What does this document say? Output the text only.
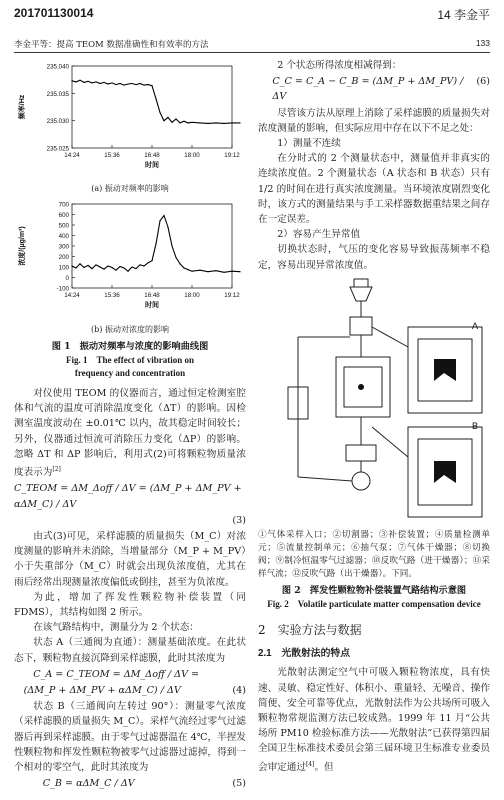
201701130014	14 李金平
李金平等：提高 TEOM 数据准确性和有效率的方法	133
235.040
235.035
235.030
235.025
14:24	15:36	16:48	18:00	19:12
时间
频率/Hz
(a) 振动对频率的影响
700
600
500
400
300
200
100
0
-100
14:24	15:36	16:48	18:00	19:12
时间
浓度/(µg/m³)
(b) 振动对浓度的影响
图 1　振动对频率与浓度的影响曲线图
Fig. 1　The effect of vibration on
frequency and concentration

对仪使用 TEOM 的仪器而言，通过恒定检测室腔体和气流的温度可消除温度变化（ΔT）的影响。因检测室温度波动在 ±0.01℃ 以内，故其稳定时间较长；另外，仪器通过恒流可消除压力变化（ΔP）的影响。忽略 ΔT 和 ΔP 影响后，利用式(2)可将颗粒物质量浓度表示为[2]

C_TEOM = ΔM_Δoff / ΔV = (ΔM_P + ΔM_PV + αΔM_C) / ΔV
(3)

由式(3)可见，采样滤膜的质量损失（M_C）对浓度测量的影响并未消除，当增量部分（M_P + M_PV）小于失重部分（M_C）时就会出现负浓度值，尤其在雨后经常出现测量浓度偏低或倒挂，甚至为负浓度。

为此，增加了挥发性颗粒物补偿装置（同 FDMS），其结构如图 2 所示。

在该气路结构中，测量分为 2 个状态：

状态 A（三通阀为直通）：测量基础浓度。在此状态下，颗粒物直接沉降到采样滤膜，此时其浓度为

C_A = C_TEOM = ΔM_Δoff / ΔV =
(ΔM_P + ΔM_PV + αΔM_C) / ΔV	(4)

状态 B（三通阀向左转过 90°）：测量零气浓度（采样滤膜的质量损失 M_C）。采样气流经过零气过滤器后再到采样滤膜。由于零气过滤器温在 4℃，半捏发性颗粒物和挥发性颗粒物被零气过滤器过滤掉，得到一个相对的零空气，此时其浓度为

C_B = αΔM_C / ΔV	(5)

2 个状态所得浓度相减得到：

C_C = C_A − C_B = (ΔM_P + ΔM_PV) / ΔV
(6)

尽管该方法从原理上消除了采样滤膜的质量损失对浓度测量的影响，但实际应用中存在以下不足之处：

1）测量不连续

在分时式的 2 个测量状态中，测量值并非真实的连续浓度值。2 个测量状态（A 状态和 B 状态）只有 1/2 的时间在进行真实浓度测量。当环境浓度剧烈变化时，该方式的测量结果与手工采样器数据重结果之间存在一定误差。

2）容易产生异常值

切换状态时，气压的变化容易导致振荡频率不稳定，容易出现异常浓度值。

A
B
①气体采样入口；②切割器；③补偿装置；④质量检测单元；⑤流量控制单元；⑥抽气泵；⑦气体干燥器；⑧切换阀；⑨制冷恒温零气过滤器；⑩反吹气路（进干燥器）；⑪采样气流；⑫反吹气路（出干燥器）。下同。
图 2　挥发性颗粒物补偿装置气路结构示意图
Fig. 2　Volatile particulate matter compensation device
2　实验方法与数据
2.1　光散射法的特点

光散射法测定空气中可吸入颗粒物浓度，具有快速、灵敏、稳定性好、体积小、重量轻、无噪音、操作简便、安全可靠等优点，光散射法作为公共场所可吸入颗粒物常规监测方法已较成熟。1999 年 11 月“公共场所 PM10 检验标准方法——光散射法”已获得第四届全国卫生标准技术委员会第三届环境卫生标准专业委员会审定通过[4]。但
